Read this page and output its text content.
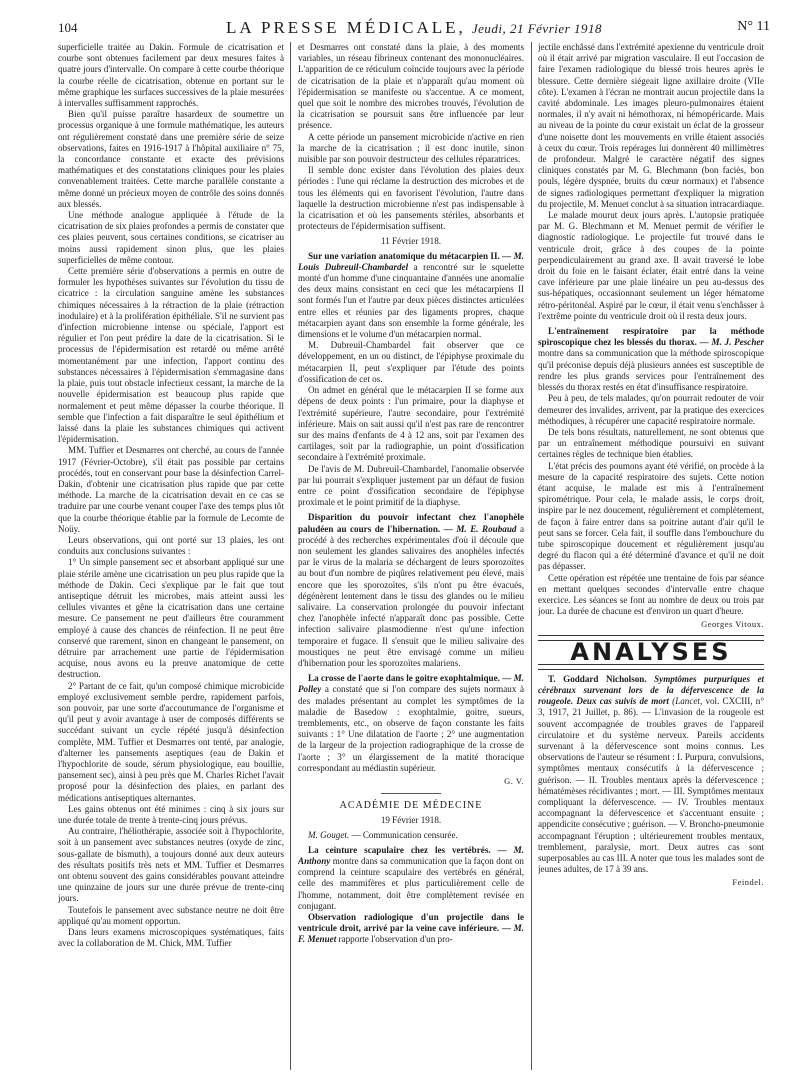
104	LA PRESSE MÉDICALE, Jeudi, 21 Février 1918	N° 11

superficielle traitée au Dakin. Formule de cicatrisation et courbe sont obtenues facilement par deux mesures faites à quatre jours d'intervalle. On compare à cette courbe théorique la courbe réelle de cicatrisation, obtenue en portant sur le même graphique les surfaces successives de la plaie mesurées à intervalles suffisamment rapprochés.

Bien qu'il puisse paraître hasardeux de soumettre un processus organique à une formule mathématique, les auteurs ont régulièrement constaté dans une première série de seize observations, faites en 1916-1917 à l'hôpital auxiliaire n° 75, la concordance constante et exacte des prévisions mathématiques et des constatations cliniques pour les plaies convenablement traitées. Cette marche parallèle constante a même donné un précieux moyen de contrôle des soins donnés aux blessés.

Une méthode analogue appliquée à l'étude de la cicatrisation de six plaies profondes a permis de constater que ces plaies peuvent, sous certaines conditions, se cicatriser au moins aussi rapidement sinon plus, que les plaies superficielles de même contour.

Cette première série d'observations a permis en outre de formuler les hypothèses suivantes sur l'évolution du tissu de cicatrice : la circulation sanguine amène les substances chimiques nécessaires à la rétraction de la plaie (rétraction inodulaire) et à la prolifération épithéliale. S'il ne survient pas d'infection microbienne intense ou spéciale, l'apport est régulier et l'on peut prédire la date de la cicatrisation. Si le processus de l'épidermisation est retardé ou même arrêté momentanément par une infection, l'apport continu des substances nécessaires à l'épidermisation s'emmagasine dans la plaie, puis tout obstacle infectieux cessant, la marche de la nouvelle épidermisation est beaucoup plus rapide que normalement et peut même dépasser la courbe théorique. Il semble que l'infection a fait disparaître le seul épithélium et laissé dans la plaie les substances chimiques qui activent l'épidermisation.

MM. Tuffier et Desmarres ont cherché, au cours de l'année 1917 (Février-Octobre), s'il était pas possible par certains procédés, tout en conservant pour base la désinfection Carrel-Dakin, d'obtenir une cicatrisation plus rapide que par cette méthode. La marche de la cicatrisation devait en ce cas se traduire par une courbe venant couper l'axe des temps plus tôt que la courbe théorique établie par la formule de Lecomte de Noüy.

Leurs observations, qui ont porté sur 13 plaies, les ont conduits aux conclusions suivantes :

1° Un simple pansement sec et absorbant appliqué sur une plaie stérile amène une cicatrisation un peu plus rapide que la méthode de Dakin. Ceci s'explique par le fait que tout antiseptique détruit les microbes, mais atteint aussi les cellules vivantes et gêne la cicatrisation dans une certaine mesure. Ce pansement ne peut d'ailleurs être couramment employé à cause des chances de réinfection. Il ne peut être conservé que rarement, sinon en changeant le pansement, on détruire par arrachement une partie de l'épidermisation acquise, nous avons eu la preuve anatomique de cette destruction.

2° Partant de ce fait, qu'un composé chimique microbicide employé exclusivement semble perdre, rapidement parfois, son pouvoir, par une sorte d'accoutumance de l'organisme et qu'il peut y avoir avantage à user de composés différents se succédant suivant un cycle répété jusqu'à désinfection complète, MM. Tuffier et Desmarres ont tenté, par analogie, d'alterner les pansements aseptiques (eau de Dakin et l'hypochlorite de soude, sérum physiologique, eau bouillie, pansement sec), ainsi à peu près que M. Charles Richet l'avait proposé pour la désinfection des plaies, en parlant des médications antiseptiques alternantes.

Les gains obtenus ont été minimes : cinq à six jours sur une durée totale de trente à trente-cinq jours prévus.

Au contraire, l'héliothérapie, associée soit à l'hypochlorite, soit à un pansement avec substances neutres (oxyde de zinc, sous-gallate de bismuth), a toujours donné aux deux auteurs des résultats positifs très nets et MM. Tuffier et Desmarres ont obtenu souvent des gains considérables pouvant atteindre une quinzaine de jours sur une durée prévue de trente-cinq jours.

Toutefois le pansement avec substance neutre ne doit être appliqué qu'au moment opportun.

Dans leurs examens microscopiques systématiques, faits avec la collaboration de M. Chick, MM. Tuffier

et Desmarres ont constaté dans la plaie, à des moments variables, un réseau fibrineux contenant des mononucléaires. L'apparition de ce réticulum coïncide toujours avec la période de cicatrisation de la plaie et n'apparaît qu'au moment où l'épidermisation se manifeste ou s'accentue. A ce moment, quel que soit le nombre des microbes trouvés, l'évolution de la cicatrisation se poursuit sans être influencée par leur présence.

A cette période un pansement microbicide n'active en rien la marche de la cicatrisation ; il est donc inutile, sinon nuisible par son pouvoir destructeur des cellules réparatrices.

Il semble donc exister dans l'évolution des plaies deux périodes : l'une qui réclame la destruction des microbes et de tous les éléments qui en favorisent l'évolution, l'autre dans laquelle la destruction microbienne n'est pas indispensable à la cicatrisation et où les pansements stériles, absorbants et protecteurs de l'épidermisation suffisent.

11 Février 1918.

Sur une variation anatomique du métacarpien II. — M. Louis Dubreuil-Chambardel a rencontré sur le squelette monté d'un homme d'une cinquantaine d'années une anomalie des deux mains consistant en ceci que les métacarpiens II sont formés l'un et l'autre par deux pièces distinctes articulées entre elles et réunies par des ligaments propres, chaque métacarpien ayant dans son ensemble la forme générale, les dimensions et le volume d'un métacarpien normal.

M. Dubreuil-Chambardel fait observer que ce développement, en un ou distinct, de l'épiphyse proximale du métacarpien II, peut s'expliquer par l'étude des points d'ossification de cet os.

On admet en général que le métacarpien II se forme aux dépens de deux points : l'un primaire, pour la diaphyse et l'extrémité supérieure, l'autre secondaire, pour l'extrémité inférieure. Mais on sait aussi qu'il n'est pas rare de rencontrer sur des mains d'enfants de 4 à 12 ans, soit par l'examen des cartilages, soit par la radiographie, un point d'ossification secondaire à l'extrémité proximale.

De l'avis de M. Dubreuil-Chambardel, l'anomalie observée par lui pourrait s'expliquer justement par un défaut de fusion entre ce point d'ossification secondaire de l'épiphyse proximale et le point primitif de la diaphyse.

Disparition du pouvoir infectant chez l'anophèle paludéen au cours de l'hibernation. — M. E. Roubaud a procédé à des recherches expérimentales d'où il découle que non seulement les glandes salivaires des anophèles infectés par le virus de la malaria se déchargent de leurs sporozoïtes au bout d'un nombre de piqûres relativement peu élevé, mais encore que les sporozoïtes, s'ils n'ont pu être évacués, dégénèrent lentement dans le tissu des glandes ou le milieu salivaire. La conservation prolongée du pouvoir infectant chez l'anophèle infecté n'apparaît donc pas possible. Cette infection salivaire plasmodienne n'est qu'une infection temporaire et fugace. Il s'ensuit que le milieu salivaire des moustiques ne peut être envisagé comme un milieu d'hibernation pour les sporozoïtes malariens.

La crosse de l'aorte dans le goitre exophtalmique. — M. Polley a constaté que si l'on compare des sujets normaux à des malades présentant au complet les symptômes de la maladie de Basedow : exophtalmie, goitre, sueurs, tremblements, etc., on observe de façon constante les faits suivants : 1° Une dilatation de l'aorte ; 2° une augmentation de la largeur de la projection radiographique de la crosse de l'aorte ; 3° un élargissement de la matité thoracique correspondant au médiastin supérieur.

G. V.

ACADÉMIE DE MÉDECINE

19 Février 1918.

M. Gouget. — Communication censurée.

La ceinture scapulaire chez les vertébrés. — M. Anthony montre dans sa communication que la façon dont on comprend la ceinture scapulaire des vertébrés en général, celle des mammifères et plus particulièrement celle de l'homme, notamment, doit être complètement revisée en conjugant.

Observation radiologique d'un projectile dans le ventricule droit, arrivé par la veine cave inférieure. — M. F. Menuet rapporte l'observation d'un pro-

jectile enchâssé dans l'extrémité apexienne du ventricule droit où il était arrivé par migration vasculaire. Il eut l'occasion de faire l'examen radiologique du blessé trois heures après le blessure. Cette dernière siégeait ligne axillaire droite (VIIe côte). L'examen à l'écran ne montrait aucun projectile dans la cavité abdominale. Les images pleuro-pulmonaires étaient normales, il n'y avait ni hémothorax, ni hémopéricarde. Mais au niveau de la pointe du cœur existait un éclat de la grosseur d'une noisette dont les mouvements en vrille étaient associés à ceux du cœur. Trois repérages lui donnèrent 40 millimètres de profondeur. Malgré le caractère négatif des signes cliniques constatés par M. G. Blechmann (bon faciès, bon pouls, légère dyspnée, bruits du cœur normaux) et l'absence de signes radiologiques permettant d'expliquer la migration du projectile, M. Menuet conclut à sa situation intracardiaque.

Le malade mourut deux jours après. L'autopsie pratiquée par M. G. Blechmann et M. Menuet permit de vérifier le diagnostic radiologique. Le projectile fut trouvé dans le ventricule droit, grâce à des coupes de la pointe perpendiculairement au grand axe. Il avait traversé le lobe droit du foie en le faisant éclater, était entré dans la veine cave inférieure par une plaie linéaire un peu au-dessus des sus-hépatiques, occasionnant seulement un léger hématome rétro-péritonéal. Aspiré par le cœur, il était venu s'enchâsser à l'extrême pointe du ventricule droit où il resta deux jours.

L'entraînement respiratoire par la méthode spiroscopique chez les blessés du thorax. — M. J. Pescher montre dans sa communication que la méthode spiroscopique qu'il préconise depuis déjà plusieurs années est susceptible de rendre les plus grands services pour l'entraînement des blessés du thorax restés en état d'insuffisance respiratoire.

Peu à peu, de tels malades, qu'on pourrait redouter de voir demeurer des invalides, arrivent, par la pratique des exercices méthodiques, à récupérer une capacité respiratoire normale.

De tels bons résultats, naturellement, ne sont obtenus que par un entraînement méthodique poursuivi en suivant certaines règles de technique bien établies.

L'état précis des poumons ayant été vérifié, on procède à la mesure de la capacité respiratoire des sujets. Cette notion étant acquise, le malade est mis à l'entraînement spirométrique. Pour cela, le malade assis, le corps droit, inspire par le nez doucement, régulièrement et complètement, de façon à faire entrer dans sa poitrine autant d'air qu'il le peut sans se forcer. Cela fait, il souffle dans l'embouchure du tube spiroscopique doucement et régulièrement jusqu'au degré du flacon qui a été déterminé d'avance et qu'il ne doit pas dépasser.

Cette opération est répétée une trentaine de fois par séance en mettant quelques secondes d'intervalle entre chaque exercice. Les séances se font au nombre de deux ou trois par jour. La durée de chacune est d'environ un quart d'heure.

Georges Vitoux.

ANALYSES

T. Goddard Nicholson. Symptômes purpuriques et cérébraux survenant lors de la défervescence de la rougeole. Deux cas suivis de mort (Lancet, vol. CXCIII, n° 3, 1917, 21 Juillet, p. 86). — L'invasion de la rougeole est souvent accompagnée de troubles graves de l'appareil circulatoire et du système nerveux. Pareils accidents survenant à la défervescence sont moins connus. Les observations de l'auteur se résument : I. Purpura, convulsions, symptômes mentaux consécutifs à la défervescence ; guérison. — II. Troubles mentaux après la défervescence ; hématémèses récidivantes ; mort. — III. Symptômes mentaux compliquant la défervescence. — IV. Troubles mentaux accompagnant la défervescence et s'accentuant ensuite ; appendicite consécutive ; guérison. — V. Broncho-pneumonie accompagnant l'éruption ; ultérieurement troubles mentaux, tremblement, paralysie, mort. Deux autres cas sont superposables au cas III. A noter que tous les malades sont de jeunes adultes, de 17 à 39 ans.

Feindel.
